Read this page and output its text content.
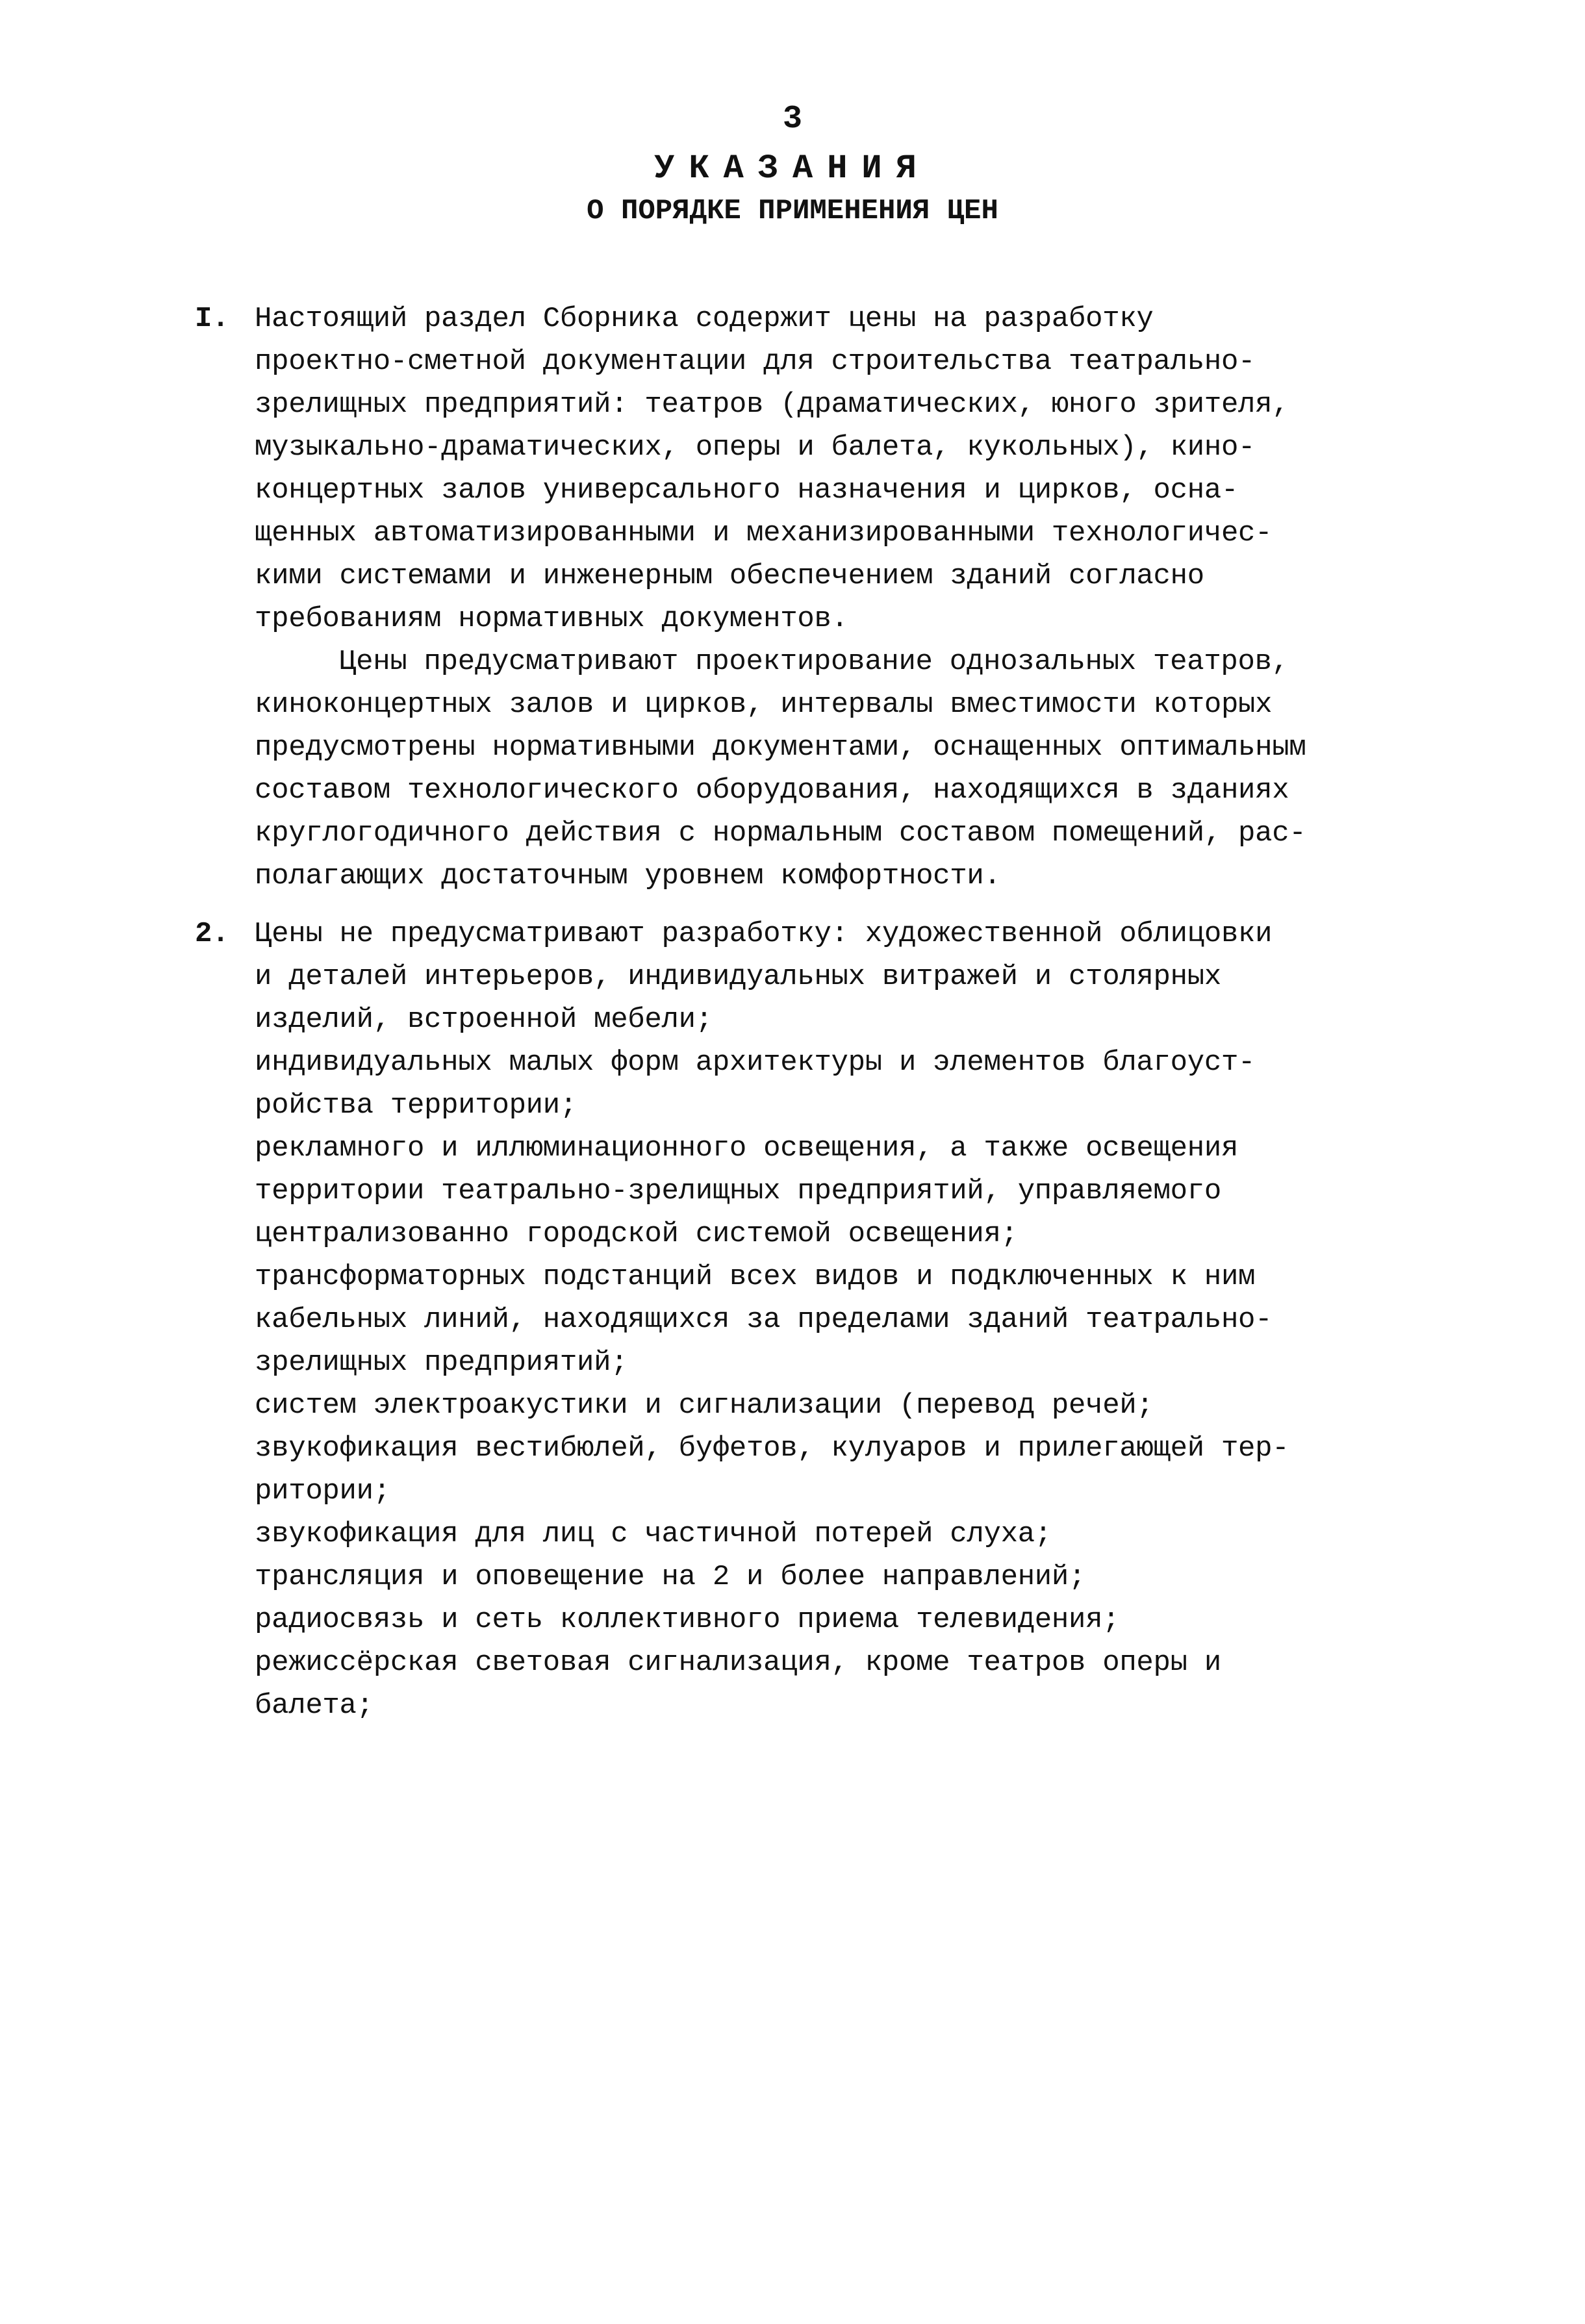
3
УКАЗАНИЯ
О ПОРЯДКЕ ПРИМЕНЕНИЯ ЦЕН
I. Настоящий раздел Сборника содержит цены на разработку
проектно-сметной документации для строительства театрально-
зрелищных предприятий: театров (драматических, юного зрителя,
музыкально-драматических, оперы и балета, кукольных), кино-
концертных залов универсального назначения и цирков, осна-
щенных автоматизированными и механизированными технологичес-
кими системами и инженерным обеспечением зданий согласно
требованиям нормативных документов.
Цены предусматривают проектирование однозальных театров,
киноконцертных залов и цирков, интервалы вместимости которых
предусмотрены нормативными документами, оснащенных оптимальным
составом технологического оборудования, находящихся в зданиях
круглогодичного действия с нормальным составом помещений, рас-
полагающих достаточным уровнем комфортности.
2. Цены не предусматривают разработку: художественной облицовки
и деталей интерьеров, индивидуальных витражей и столярных
изделий, встроенной мебели;
индивидуальных малых форм архитектуры и элементов благоуст-
ройства территории;
рекламного и иллюминационного освещения, а также освещения
территории театрально-зрелищных предприятий, управляемого
централизованно городской системой освещения;
трансформаторных подстанций всех видов и подключенных к ним
кабельных линий, находящихся за пределами зданий театрально-
зрелищных предприятий;
систем электроакустики и сигнализации (перевод речей;
звукофикация вестибюлей, буфетов, кулуаров и прилегающей тер-
ритории;
звукофикация для лиц с частичной потерей слуха;
трансляция и оповещение на 2 и более направлений;
радиосвязь и сеть коллективного приема телевидения;
режиссёрская световая сигнализация, кроме театров оперы и
балета;
